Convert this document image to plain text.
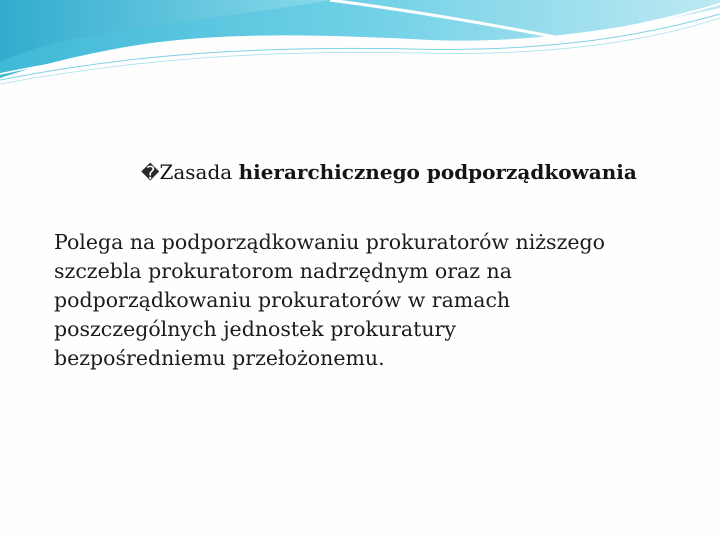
�Zasada hierarchicznego podporządkowania

Polega na podporządkowaniu prokuratorów niższego
szczebla prokuratorom nadrzędnym oraz na
podporządkowaniu prokuratorów w ramach
poszczególnych jednostek prokuratury
bezpośredniemu przełożonemu.
